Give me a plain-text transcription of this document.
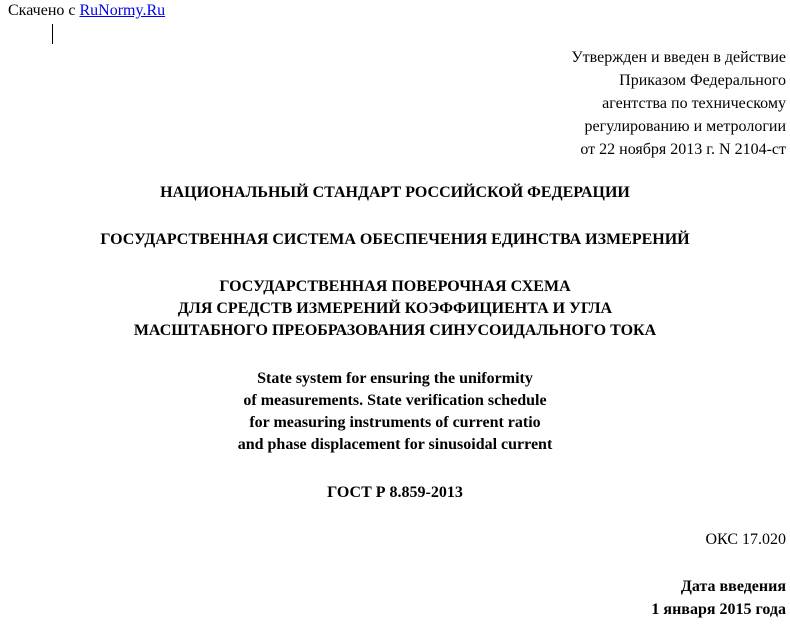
Скачено с RuNormy.Ru
Утвержден и введен в действие
Приказом Федерального
агентства по техническому
регулированию и метрологии
от 22 ноября 2013 г. N 2104-ст
НАЦИОНАЛЬНЫЙ СТАНДАРТ РОССИЙСКОЙ ФЕДЕРАЦИИ
ГОСУДАРСТВЕННАЯ СИСТЕМА ОБЕСПЕЧЕНИЯ ЕДИНСТВА ИЗМЕРЕНИЙ
ГОСУДАРСТВЕННАЯ ПОВЕРОЧНАЯ СХЕМА
ДЛЯ СРЕДСТВ ИЗМЕРЕНИЙ КОЭФФИЦИЕНТА И УГЛА
МАСШТАБНОГО ПРЕОБРАЗОВАНИЯ СИНУСОИДАЛЬНОГО ТОКА
State system for ensuring the uniformity
of measurements. State verification schedule
for measuring instruments of current ratio
and phase displacement for sinusoidal current
ГОСТ Р 8.859-2013
ОКС 17.020
Дата введения
1 января 2015 года
